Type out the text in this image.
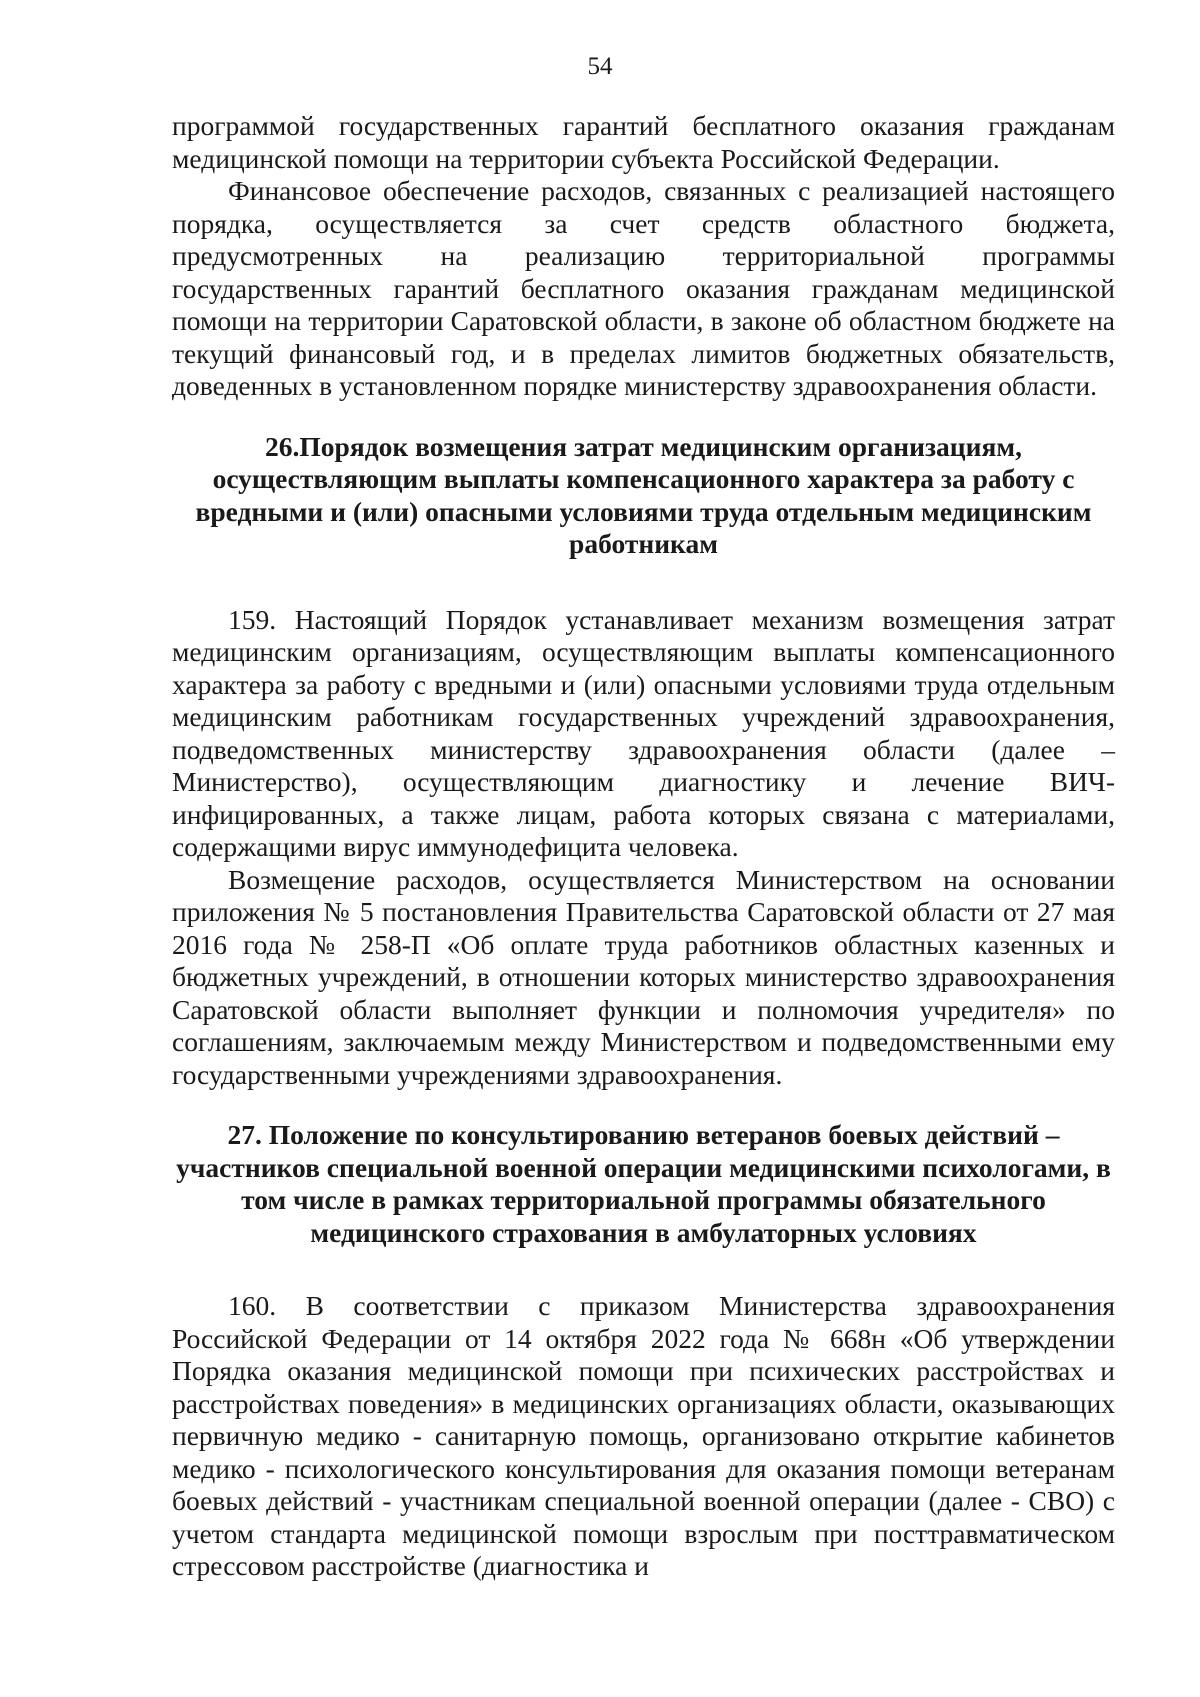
54

программой государственных гарантий бесплатного оказания гражданам медицинской помощи на территории субъекта Российской Федерации.

Финансовое обеспечение расходов, связанных с реализацией настоящего порядка, осуществляется за счет средств областного бюджета, предусмотренных на реализацию территориальной программы государственных гарантий бесплатного оказания гражданам медицинской помощи на территории Саратовской области, в законе об областном бюджете на текущий финансовый год, и в пределах лимитов бюджетных обязательств, доведенных в установленном порядке министерству здравоохранения области.

26.Порядок возмещения затрат медицинским организациям, осуществляющим выплаты компенсационного характера за работу с вредными и (или) опасными условиями труда отдельным медицинским работникам

159. Настоящий Порядок устанавливает механизм возмещения затрат медицинским организациям, осуществляющим выплаты компенсационного характера за работу с вредными и (или) опасными условиями труда отдельным медицинским работникам государственных учреждений здравоохранения, подведомственных министерству здравоохранения области (далее – Министерство), осуществляющим диагностику и лечение ВИЧ-инфицированных, а также лицам, работа которых связана с материалами, содержащими вирус иммунодефицита человека.

Возмещение расходов, осуществляется Министерством на основании приложения № 5 постановления Правительства Саратовской области от 27 мая 2016 года № 258-П «Об оплате труда работников областных казенных и бюджетных учреждений, в отношении которых министерство здравоохранения Саратовской области выполняет функции и полномочия учредителя» по соглашениям, заключаемым между Министерством и подведомственными ему государственными учреждениями здравоохранения.

27. Положение по консультированию ветеранов боевых действий – участников специальной военной операции медицинскими психологами, в том числе в рамках территориальной программы обязательного медицинского страхования в амбулаторных условиях

160. В соответствии с приказом Министерства здравоохранения Российской Федерации от 14 октября 2022 года № 668н «Об утверждении Порядка оказания медицинской помощи при психических расстройствах и расстройствах поведения» в медицинских организациях области, оказывающих первичную медико - санитарную помощь, организовано открытие кабинетов медико - психологического консультирования для оказания помощи ветеранам боевых действий - участникам специальной военной операции (далее - СВО) с учетом стандарта медицинской помощи взрослым при посттравматическом стрессовом расстройстве (диагностика и
